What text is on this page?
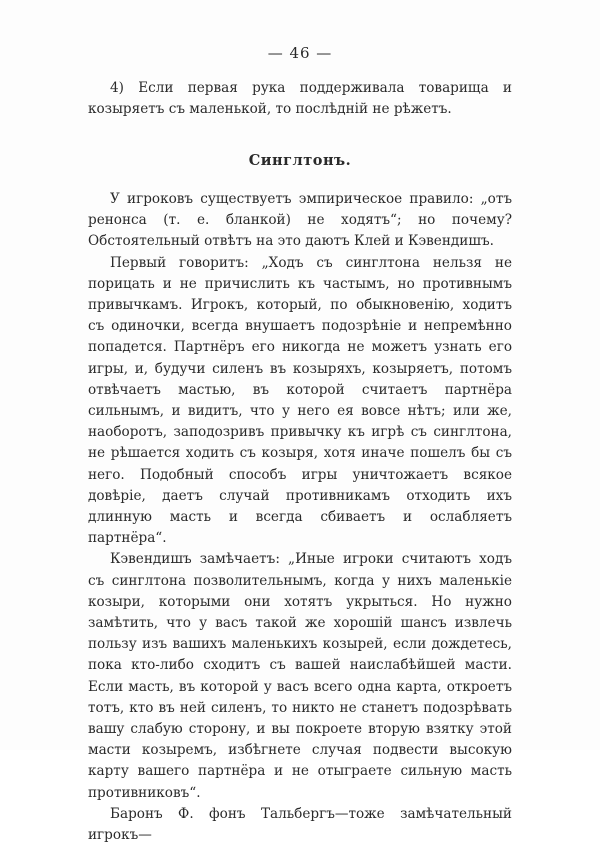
— 46 —

4) Если первая рука поддерживала товарища и козыряетъ съ маленькой, то послѣдній не рѣжетъ.

Синглтонъ.

У игроковъ существуетъ эмпирическое правило: „отъ ренонса (т. е. бланкой) не ходятъ“; но почему? Обстоятельный отвѣтъ на это даютъ Клей и Кэвендишъ.

Первый говоритъ: „Ходъ съ синглтона нельзя не порицать и не причислить къ частымъ, но противнымъ привычкамъ. Игрокъ, который, по обыкновенію, ходитъ съ одиночки, всегда внушаетъ подозрѣніе и непремѣнно попадется. Партнёръ его никогда не можетъ узнать его игры, и, будучи силенъ въ козыряхъ, козыряетъ, потомъ отвѣчаетъ мастью, въ которой считаетъ партнёра сильнымъ, и видитъ, что у него ея вовсе нѣтъ; или же, наоборотъ, заподозривъ привычку къ игрѣ съ синглтона, не рѣшается ходить съ козыря, хотя иначе пошелъ бы съ него. Подобный способъ игры уничтожаетъ всякое довѣріе, даетъ случай противникамъ отходить ихъ длинную масть и всегда сбиваетъ и ослабляетъ партнёра“.

Кэвендишъ замѣчаетъ: „Иные игроки считаютъ ходъ съ синглтона позволительнымъ, когда у нихъ маленькіе козыри, которыми они хотятъ укрыться. Но нужно замѣтить, что у васъ такой же хорошій шансъ извлечь пользу изъ вашихъ маленькихъ козырей, если дождетесь, пока кто-либо сходитъ съ вашей наислабѣйшей масти. Если масть, въ которой у васъ всего одна карта, откроетъ тотъ, кто въ ней силенъ, то никто не станетъ подозрѣвать вашу слабую сторону, и вы покроете вторую взятку этой масти козыремъ, избѣгнете случая подвести высокую карту вашего партнёра и не отыграете сильную масть противниковъ“.

Баронъ Ф. фонъ Тальбергъ—тоже замѣчательный игрокъ—
